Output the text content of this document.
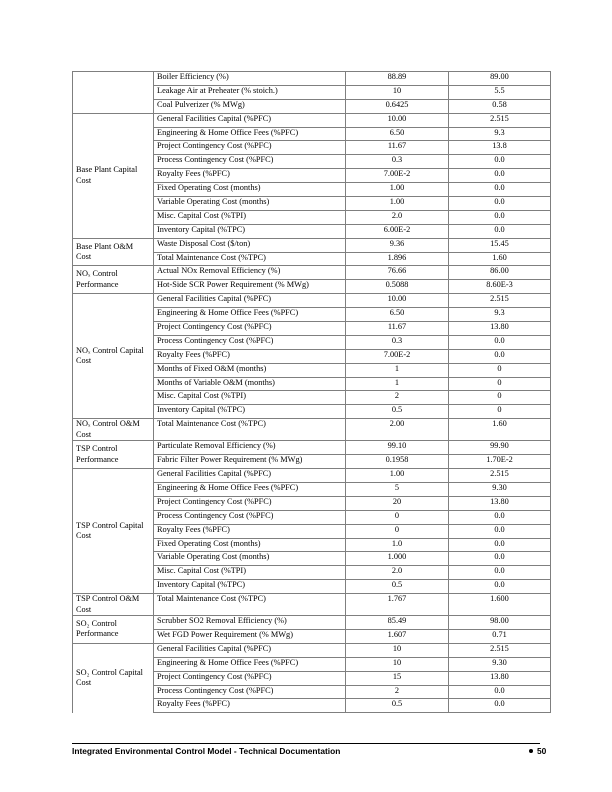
	Boiler Efficiency (%)	88.89	89.00
	Leakage Air at Preheater (% stoich.)	10	5.5
	Coal Pulverizer (% MWg)	0.6425	0.58
Base Plant Capital Cost	General Facilities Capital (%PFC)	10.00	2.515
	Engineering & Home Office Fees (%PFC)	6.50	9.3
	Project Contingency Cost (%PFC)	11.67	13.8
	Process Contingency Cost (%PFC)	0.3	0.0
	Royalty Fees (%PFC)	7.00E-2	0.0
	Fixed Operating Cost (months)	1.00	0.0
	Variable Operating Cost (months)	1.00	0.0
	Misc. Capital Cost (%TPI)	2.0	0.0
	Inventory Capital (%TPC)	6.00E-2	0.0
Base Plant O&M Cost	Waste Disposal Cost ($/ton)	9.36	15.45
	Total Maintenance Cost (%TPC)	1.896	1.60
NOₓ Control Performance	Actual NOx Removal Efficiency (%)	76.66	86.00
	Hot-Side SCR Power Requirement (% MWg)	0.5088	8.60E-3
NOₓ Control Capital Cost	General Facilities Capital (%PFC)	10.00	2.515
	Engineering & Home Office Fees (%PFC)	6.50	9.3
	Project Contingency Cost (%PFC)	11.67	13.80
	Process Contingency Cost (%PFC)	0.3	0.0
	Royalty Fees (%PFC)	7.00E-2	0.0
	Months of Fixed O&M (months)	1	0
	Months of Variable O&M (months)	1	0
	Misc. Capital Cost (%TPI)	2	0
	Inventory Capital (%TPC)	0.5	0
NOₓ Control O&M Cost	Total Maintenance Cost (%TPC)	2.00	1.60
TSP Control Performance	Particulate Removal Efficiency (%)	99.10	99.90
	Fabric Filter Power Requirement (% MWg)	0.1958	1.70E-2
TSP Control Capital Cost	General Facilities Capital (%PFC)	1.00	2.515
	Engineering & Home Office Fees (%PFC)	5	9.30
	Project Contingency Cost (%PFC)	20	13.80
	Process Contingency Cost (%PFC)	0	0.0
	Royalty Fees (%PFC)	0	0.0
	Fixed Operating Cost (months)	1.0	0.0
	Variable Operating Cost (months)	1.000	0.0
	Misc. Capital Cost (%TPI)	2.0	0.0
	Inventory Capital (%TPC)	0.5	0.0
TSP Control O&M Cost	Total Maintenance Cost (%TPC)	1.767	1.600
SO₂ Control Performance	Scrubber SO2 Removal Efficiency (%)	85.49	98.00
	Wet FGD Power Requirement (% MWg)	1.607	0.71
SO₂ Control Capital Cost	General Facilities Capital (%PFC)	10	2.515
	Engineering & Home Office Fees (%PFC)	10	9.30
	Project Contingency Cost (%PFC)	15	13.80
	Process Contingency Cost (%PFC)	2	0.0
	Royalty Fees (%PFC)	0.5	0.0
Integrated Environmental Control Model - Technical Documentation	50
